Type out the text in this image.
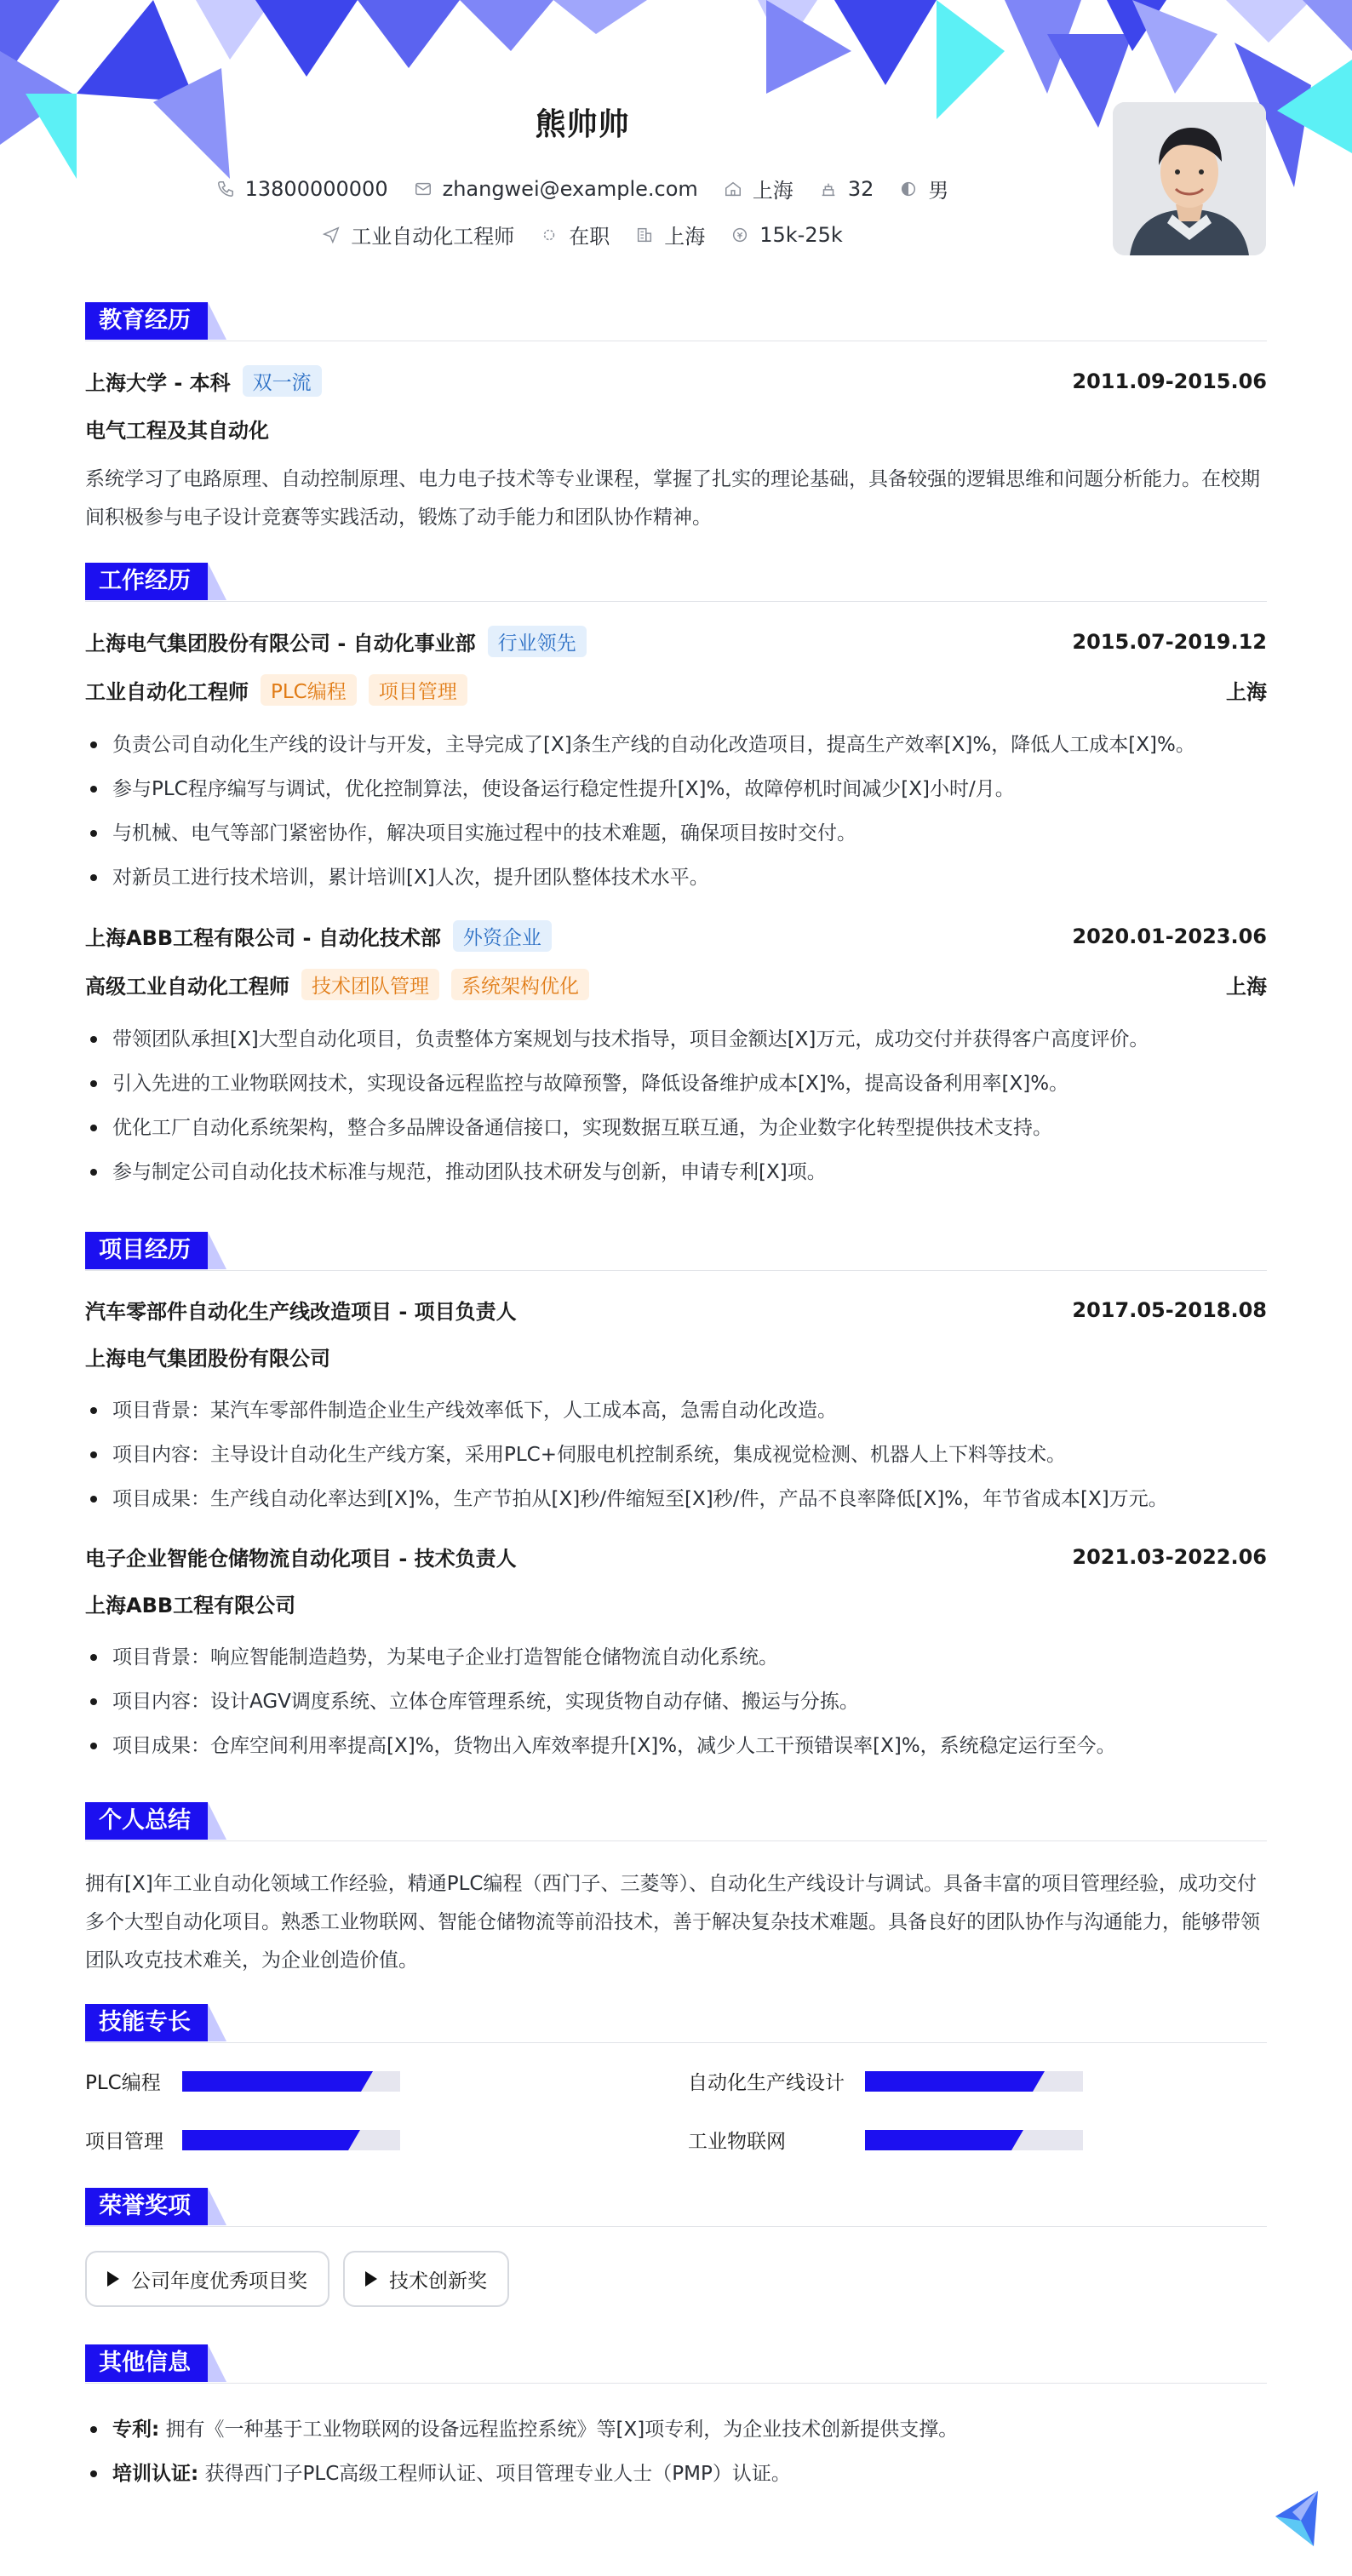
熊帅帅
13800000000	zhangwei@example.com	上海	32	男
工业自动化工程师	在职	上海	15k-25k
教育经历
上海大学 - 本科	双一流	2011.09-2015.06
电气工程及其自动化

系统学习了电路原理、自动控制原理、电力电子技术等专业课程，掌握了扎实的理论基础，具备较强的逻辑思维和问题分析能力。在校期间积极参与电子设计竞赛等实践活动，锻炼了动手能力和团队协作精神。

工作经历
上海电气集团股份有限公司 - 自动化事业部	行业领先	2015.07-2019.12
工业自动化工程师	PLC编程	项目管理	上海
负责公司自动化生产线的设计与开发，主导完成了[X]条生产线的自动化改造项目，提高生产效率[X]%，降低人工成本[X]%。
参与PLC程序编写与调试，优化控制算法，使设备运行稳定性提升[X]%，故障停机时间减少[X]小时/月。
与机械、电气等部门紧密协作，解决项目实施过程中的技术难题，确保项目按时交付。
对新员工进行技术培训，累计培训[X]人次，提升团队整体技术水平。
上海ABB工程有限公司 - 自动化技术部	外资企业	2020.01-2023.06
高级工业自动化工程师	技术团队管理	系统架构优化	上海
带领团队承担[X]大型自动化项目，负责整体方案规划与技术指导，项目金额达[X]万元，成功交付并获得客户高度评价。
引入先进的工业物联网技术，实现设备远程监控与故障预警，降低设备维护成本[X]%，提高设备利用率[X]%。
优化工厂自动化系统架构，整合多品牌设备通信接口，实现数据互联互通，为企业数字化转型提供技术支持。
参与制定公司自动化技术标准与规范，推动团队技术研发与创新，申请专利[X]项。
项目经历
汽车零部件自动化生产线改造项目 - 项目负责人	2017.05-2018.08
上海电气集团股份有限公司
项目背景：某汽车零部件制造企业生产线效率低下，人工成本高，急需自动化改造。
项目内容：主导设计自动化生产线方案，采用PLC+伺服电机控制系统，集成视觉检测、机器人上下料等技术。
项目成果：生产线自动化率达到[X]%，生产节拍从[X]秒/件缩短至[X]秒/件，产品不良率降低[X]%，年节省成本[X]万元。
电子企业智能仓储物流自动化项目 - 技术负责人	2021.03-2022.06
上海ABB工程有限公司
项目背景：响应智能制造趋势，为某电子企业打造智能仓储物流自动化系统。
项目内容：设计AGV调度系统、立体仓库管理系统，实现货物自动存储、搬运与分拣。
项目成果：仓库空间利用率提高[X]%，货物出入库效率提升[X]%，减少人工干预错误率[X]%，系统稳定运行至今。
个人总结

拥有[X]年工业自动化领域工作经验，精通PLC编程（西门子、三菱等）、自动化生产线设计与调试。具备丰富的项目管理经验，成功交付多个大型自动化项目。熟悉工业物联网、智能仓储物流等前沿技术，善于解决复杂技术难题。具备良好的团队协作与沟通能力，能够带领团队攻克技术难关，为企业创造价值。

技能专长
PLC编程	自动化生产线设计
项目管理	工业物联网
荣誉奖项
公司年度优秀项目奖	技术创新奖
其他信息
专利: 拥有《一种基于工业物联网的设备远程监控系统》等[X]项专利，为企业技术创新提供支撑。
培训认证: 获得西门子PLC高级工程师认证、项目管理专业人士（PMP）认证。
